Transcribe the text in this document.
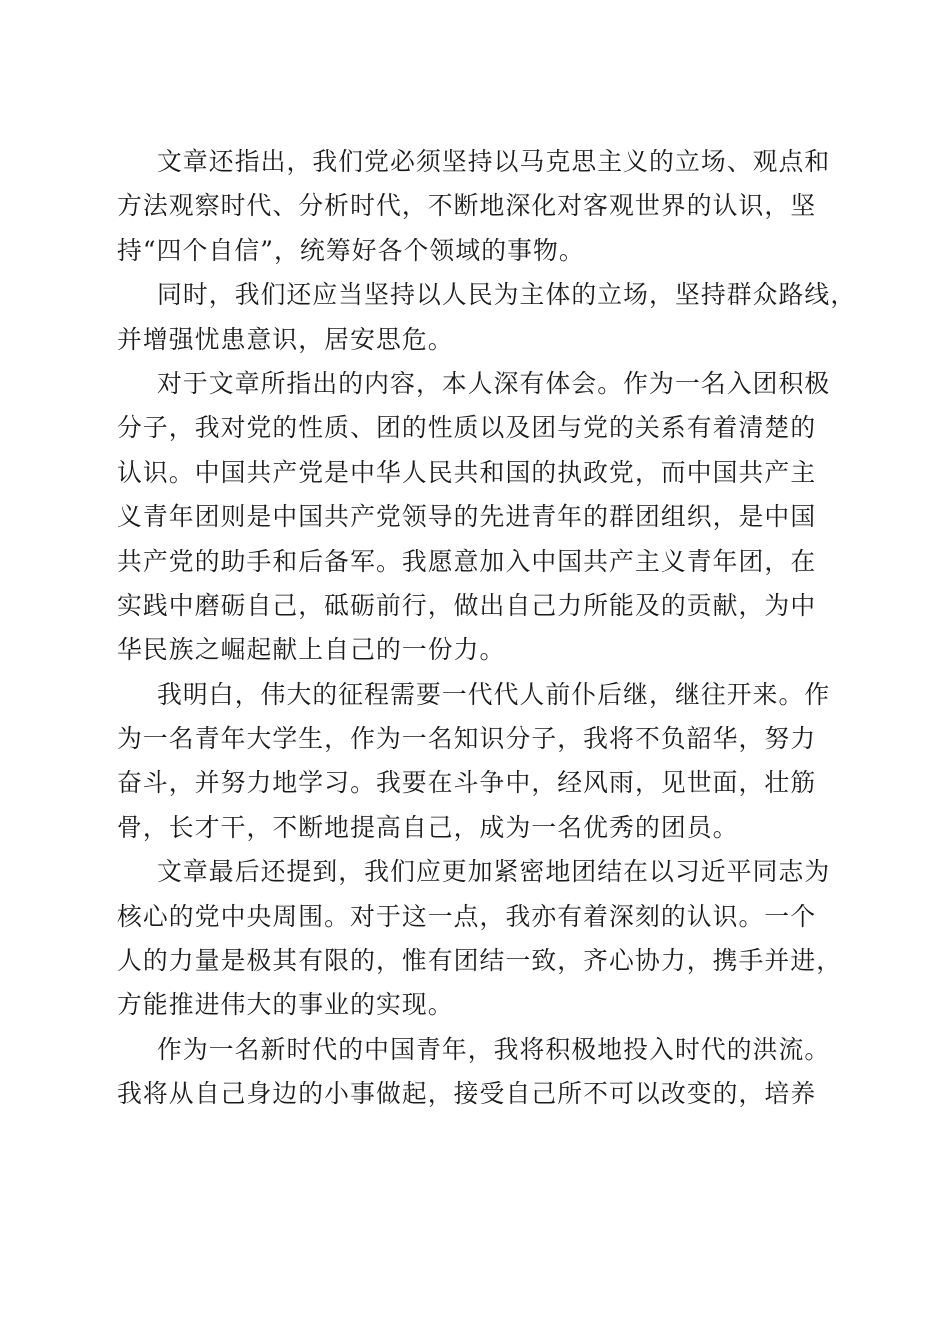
文章还指出，我们党必须坚持以马克思主义的立场、观点和
方法观察时代、分析时代，不断地深化对客观世界的认识，坚
持“四个自信”，统筹好各个领域的事物。
同时，我们还应当坚持以人民为主体的立场，坚持群众路线，
并增强忧患意识，居安思危。
对于文章所指出的内容，本人深有体会。作为一名入团积极
分子，我对党的性质、团的性质以及团与党的关系有着清楚的
认识。中国共产党是中华人民共和国的执政党，而中国共产主
义青年团则是中国共产党领导的先进青年的群团组织，是中国
共产党的助手和后备军。我愿意加入中国共产主义青年团，在
实践中磨砺自己，砥砺前行，做出自己力所能及的贡献，为中
华民族之崛起献上自己的一份力。
我明白，伟大的征程需要一代代人前仆后继，继往开来。作
为一名青年大学生，作为一名知识分子，我将不负韶华，努力
奋斗，并努力地学习。我要在斗争中，经风雨，见世面，壮筋
骨，长才干，不断地提高自己，成为一名优秀的团员。
文章最后还提到，我们应更加紧密地团结在以习近平同志为
核心的党中央周围。对于这一点，我亦有着深刻的认识。一个
人的力量是极其有限的，惟有团结一致，齐心协力，携手并进，
方能推进伟大的事业的实现。
作为一名新时代的中国青年，我将积极地投入时代的洪流。
我将从自己身边的小事做起，接受自己所不可以改变的，培养
